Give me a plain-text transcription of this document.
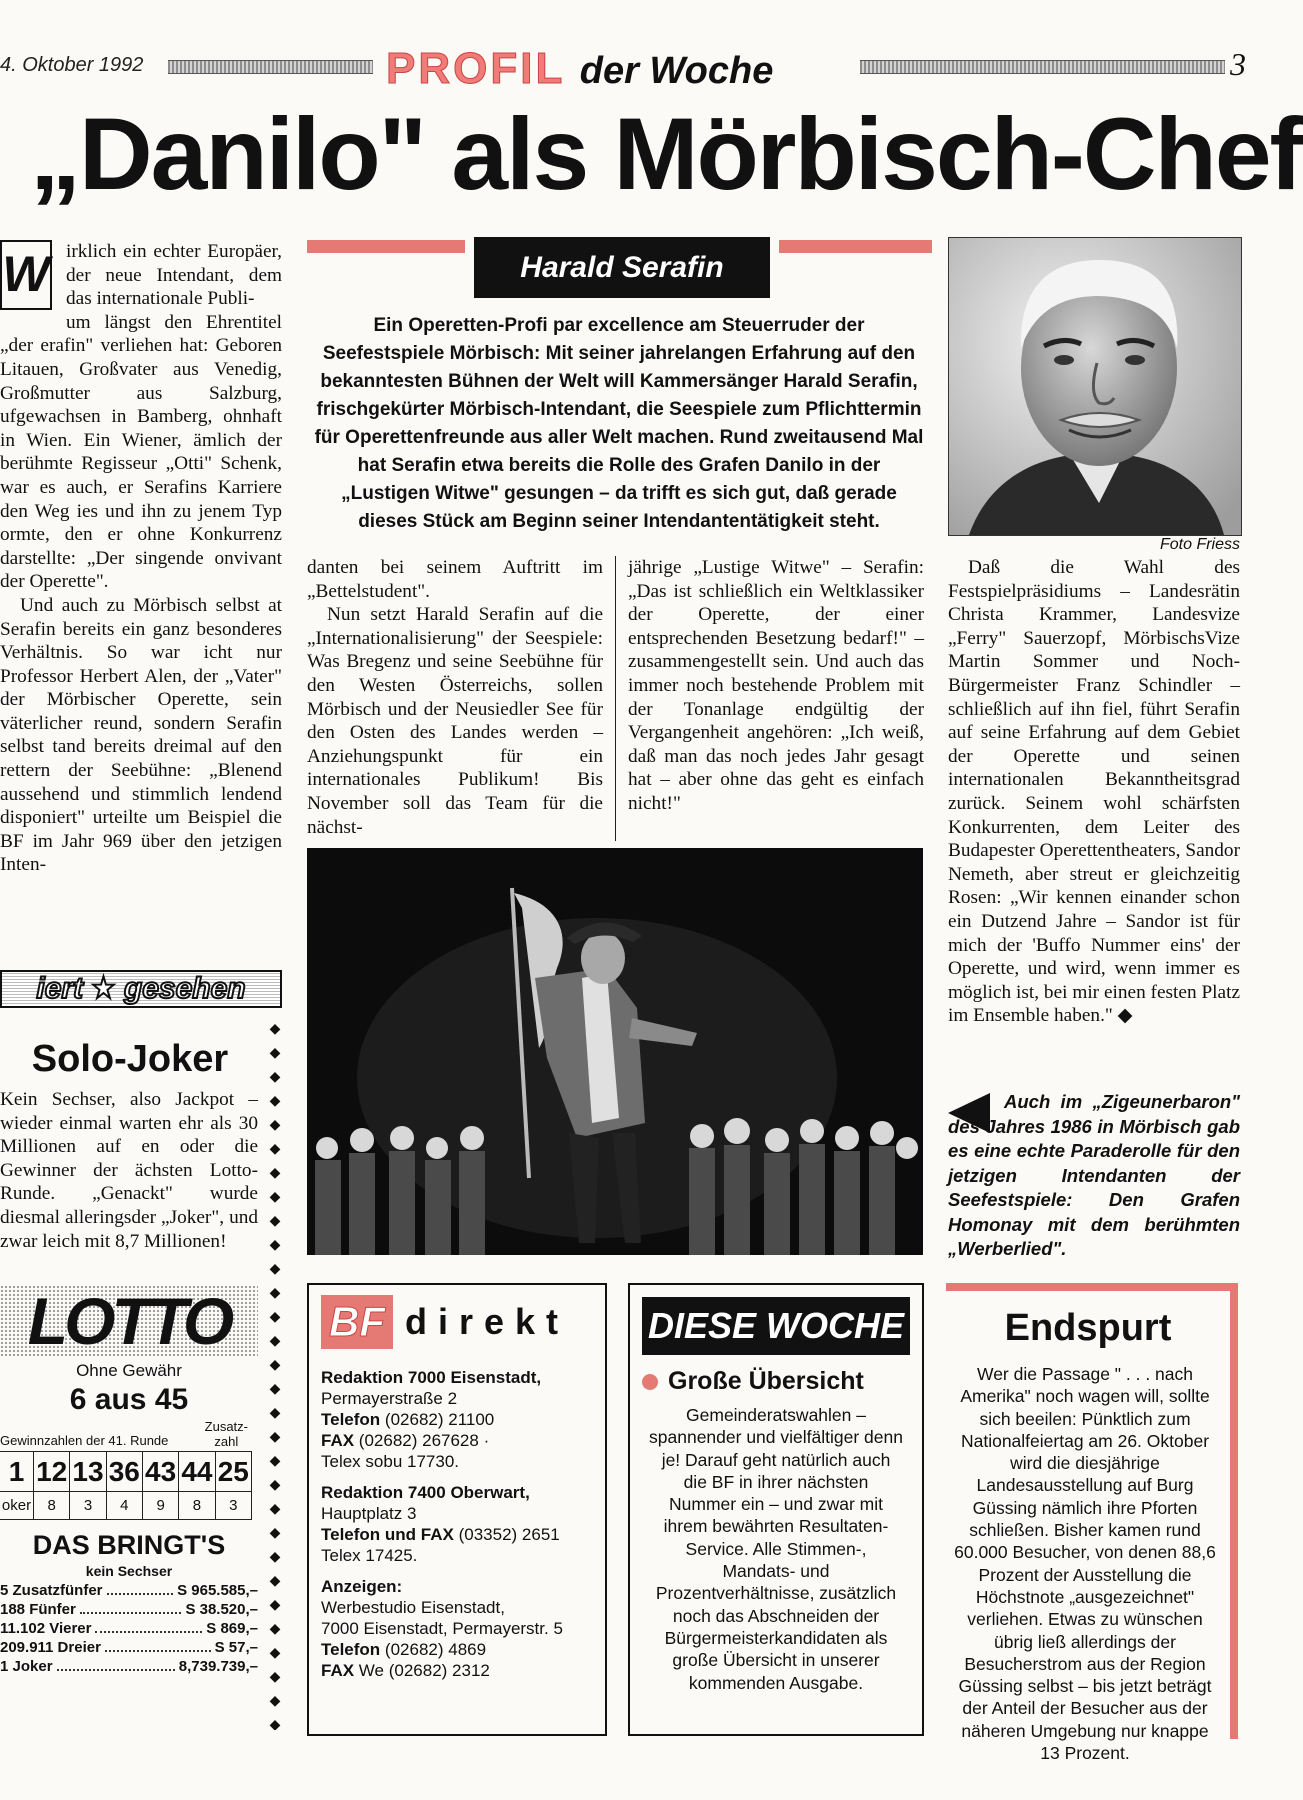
4. Oktober 1992	PROFIL der Woche	3
„Danilo" als Mörbisch-Chef
W irklich ein echter Europäer, der neue Intendant, dem das internationale Publi-

um längst den Ehrentitel „der erafin" verliehen hat: Geboren Litauen, Großvater aus Venedig, Großmutter aus Salzburg, ufgewachsen in Bamberg, ohnhaft in Wien. Ein Wiener, ämlich der berühmte Regisseur „Otti" Schenk, war es auch, er Serafins Karriere den Weg ies und ihn zu jenem Typ ormte, den er ohne Konkurrenz darstellte: „Der singende onvivant der Operette".

Und auch zu Mörbisch selbst at Serafin bereits ein ganz besonderes Verhältnis. So war icht nur Professor Herbert Alen, der „Vater" der Mörbischer Operette, sein väterlicher reund, sondern Serafin selbst tand bereits dreimal auf den rettern der Seebühne: „Blenend aussehend und stimmlich lendend disponiert" urteilte um Beispiel die BF im Jahr 969 über den jetzigen Inten-

Harald Serafin
Ein Operetten-Profi par excellence am Steuerruder der Seefestspiele Mörbisch: Mit seiner jahrelangen Erfahrung auf den bekanntesten Bühnen der Welt will Kammersänger Harald Serafin, frischgekürter Mörbisch-Intendant, die Seespiele zum Pflichttermin für Operettenfreunde aus aller Welt machen. Rund zweitausend Mal hat Serafin etwa bereits die Rolle des Grafen Danilo in der „Lustigen Witwe" gesungen – da trifft es sich gut, daß gerade dieses Stück am Beginn seiner Intendantentätigkeit steht.
Foto Friess

danten bei seinem Auftritt im „Bettelstudent".

Nun setzt Harald Serafin auf die „Internationalisierung" der Seespiele: Was Bregenz und seine Seebühne für den Westen Österreichs, sollen Mörbisch und der Neusiedler See für den Osten des Landes werden – Anziehungspunkt für ein internationales Publikum! Bis November soll das Team für die nächst-

jährige „Lustige Witwe" – Serafin: „Das ist schließlich ein Weltklassiker der Operette, der einer entsprechenden Besetzung bedarf!" – zusammengestellt sein. Und auch das immer noch bestehende Problem mit der Tonanlage endgültig der Vergangenheit angehören: „Ich weiß, daß man das noch jedes Jahr gesagt hat – aber ohne das geht es einfach nicht!"

Daß die Wahl des Festspielpräsidiums – Landesrätin Christa Krammer, Landesvize „Ferry" Sauerzopf, MörbischsVize Martin Sommer und Noch-Bürgermeister Franz Schindler – schließlich auf ihn fiel, führt Serafin auf seine Erfahrung auf dem Gebiet der Operette und seinen internationalen Bekanntheitsgrad zurück. Seinem wohl schärfsten Konkurrenten, dem Leiter des Budapester Operettentheaters, Sandor Nemeth, aber streut er gleichzeitig Rosen: „Wir kennen einander schon ein Dutzend Jahre – Sandor ist für mich der 'Buffo Nummer eins' der Operette, und wird, wenn immer es möglich ist, bei mir einen festen Platz im Ensemble haben." ◆

Auch im „Zigeunerbaron" des Jahres 1986 in Mörbisch gab es eine echte Paraderolle für den jetzigen Intendanten der Seefestspiele: Den Grafen Homonay mit dem berühmten „Werberlied".
iert ★ gesehen
Solo-Joker
Kein Sechser, also Jackpot – wieder einmal warten ehr als 30 Millionen auf en oder die Gewinner der ächsten Lotto-Runde. „Genackt" wurde diesmal alleringsder „Joker", und zwar leich mit 8,7 Millionen!
LOTTO
Ohne Gewähr
6 aus 45
Gewinnzahlen der 41. Runde
Zusatz-
zahl
1	12	13	36	43	44	25
oker	8	3	4	9	8	3
DAS BRINGT'S
kein Sechser
5 Zusatzfünfer	S 965.585,–
188 Fünfer	S 38.520,–
11.102 Vierer	S 869,–
209.911 Dreier	S 57,–
1 Joker	8,739.739,–
◆
◆
◆
◆
◆
◆
◆
◆
◆
◆
◆
◆
◆
◆
◆
◆
◆
◆
◆
◆
◆
◆
◆
◆
◆
◆
◆
◆
◆
◆
BF direkt
Redaktion 7000 Eisenstadt,
Permayerstraße 2
Telefon (02682) 21100
FAX (02682) 267628 ·
Telex sobu 17730.
Redaktion 7400 Oberwart,
Hauptplatz 3
Telefon und FAX (03352) 2651
Telex 17425.
Anzeigen:
Werbestudio Eisenstadt,
7000 Eisenstadt, Permayerstr. 5
Telefon (02682) 4869
FAX We (02682) 2312
DIESE WOCHE
Große Übersicht
Gemeinderatswahlen – spannender und vielfältiger denn je! Darauf geht natürlich auch die BF in ihrer nächsten Nummer ein – und zwar mit ihrem bewährten Resultaten-Service. Alle Stimmen-, Mandats- und Prozentverhältnisse, zusätzlich noch das Abschneiden der Bürgermeisterkandidaten als große Übersicht in unserer kommenden Ausgabe.
Endspurt
Wer die Passage " . . . nach Amerika" noch wagen will, sollte sich beeilen: Pünktlich zum Nationalfeiertag am 26. Oktober wird die diesjährige Landesausstellung auf Burg Güssing nämlich ihre Pforten schließen. Bisher kamen rund 60.000 Besucher, von denen 88,6 Prozent der Ausstellung die Höchstnote „ausgezeichnet" verliehen. Etwas zu wünschen übrig ließ allerdings der Besucherstrom aus der Region Güssing selbst – bis jetzt beträgt der Anteil der Besucher aus der näheren Umgebung nur knappe 13 Prozent.
